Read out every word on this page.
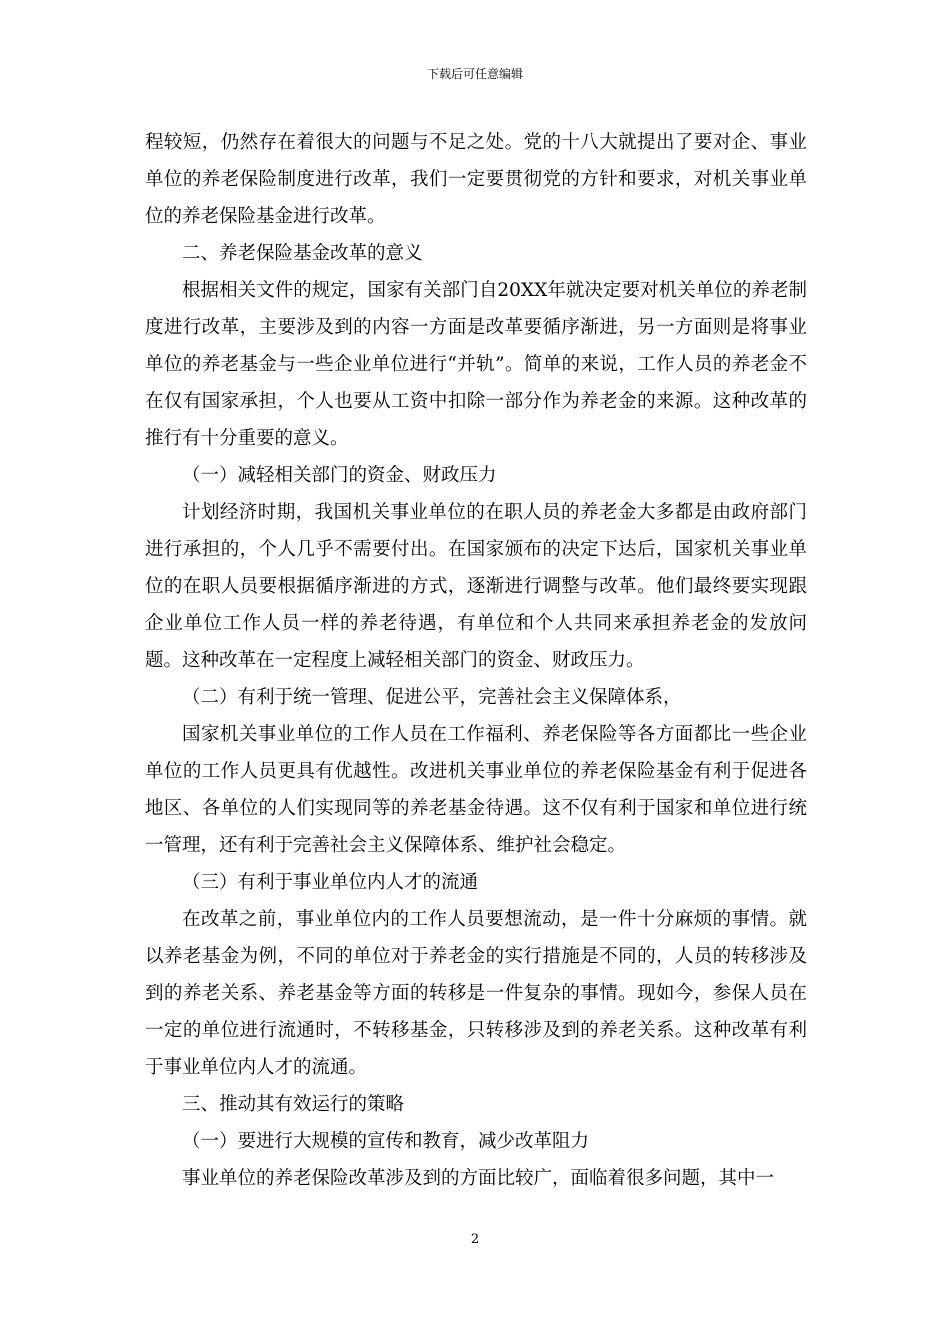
下载后可任意编辑

程较短，仍然存在着很大的问题与不足之处。党的十八大就提出了要对企、事业单位的养老保险制度进行改革，我们一定要贯彻党的方针和要求，对机关事业单位的养老保险基金进行改革。

二、养老保险基金改革的意义

根据相关文件的规定，国家有关部门自20XX年就决定要对机关单位的养老制度进行改革，主要涉及到的内容一方面是改革要循序渐进，另一方面则是将事业单位的养老基金与一些企业单位进行“并轨”。简单的来说，工作人员的养老金不在仅有国家承担，个人也要从工资中扣除一部分作为养老金的来源。这种改革的推行有十分重要的意义。

（一）减轻相关部门的资金、财政压力

计划经济时期，我国机关事业单位的在职人员的养老金大多都是由政府部门进行承担的，个人几乎不需要付出。在国家颁布的决定下达后，国家机关事业单位的在职人员要根据循序渐进的方式，逐渐进行调整与改革。他们最终要实现跟企业单位工作人员一样的养老待遇，有单位和个人共同来承担养老金的发放问题。这种改革在一定程度上减轻相关部门的资金、财政压力。

（二）有利于统一管理、促进公平，完善社会主义保障体系，

国家机关事业单位的工作人员在工作福利、养老保险等各方面都比一些企业单位的工作人员更具有优越性。改进机关事业单位的养老保险基金有利于促进各地区、各单位的人们实现同等的养老基金待遇。这不仅有利于国家和单位进行统一管理，还有利于完善社会主义保障体系、维护社会稳定。

（三）有利于事业单位内人才的流通

在改革之前，事业单位内的工作人员要想流动，是一件十分麻烦的事情。就以养老基金为例，不同的单位对于养老金的实行措施是不同的，人员的转移涉及到的养老关系、养老基金等方面的转移是一件复杂的事情。现如今，参保人员在一定的单位进行流通时，不转移基金，只转移涉及到的养老关系。这种改革有利于事业单位内人才的流通。

三、推动其有效运行的策略

（一）要进行大规模的宣传和教育，减少改革阻力

事业单位的养老保险改革涉及到的方面比较广，面临着很多问题，其中一

2
